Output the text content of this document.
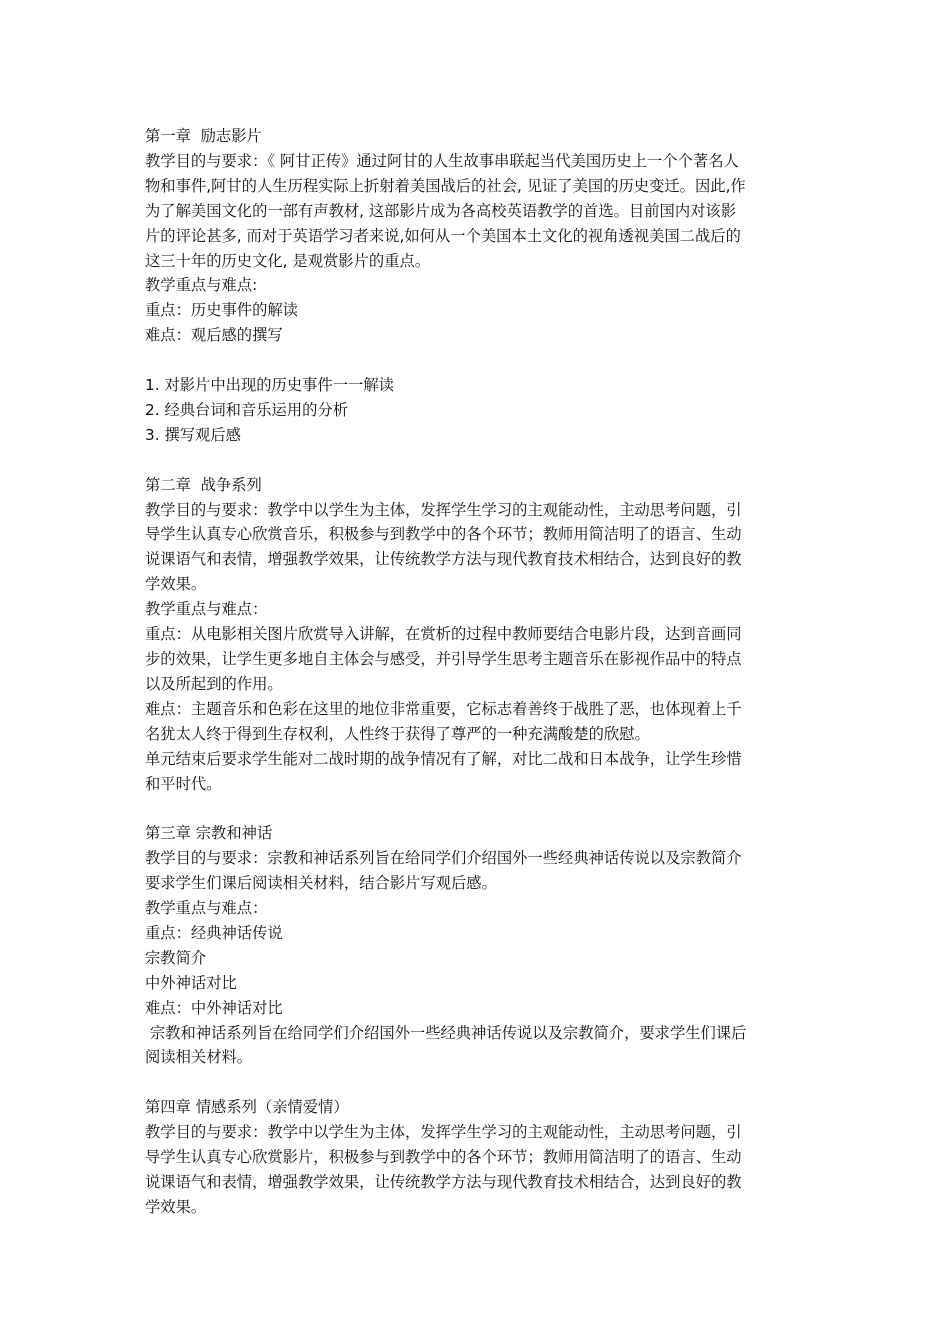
第一章  励志影片
教学目的与要求：《 阿甘正传》通过阿甘的人生故事串联起当代美国历史上一个个著名人
物和事件,阿甘的人生历程实际上折射着美国战后的社会, 见证了美国的历史变迁。因此,作
为了解美国文化的一部有声教材, 这部影片成为各高校英语教学的首选。目前国内对该影
片的评论甚多, 而对于英语学习者来说,如何从一个美国本土文化的视角透视美国二战后的
这三十年的历史文化, 是观赏影片的重点。
教学重点与难点:
重点：历史事件的解读
难点：观后感的撰写
1. 对影片中出现的历史事件一一解读
2. 经典台词和音乐运用的分析
3. 撰写观后感
第二章  战争系列
教学目的与要求：教学中以学生为主体，发挥学生学习的主观能动性，主动思考问题，引
导学生认真专心欣赏音乐，积极参与到教学中的各个环节；教师用简洁明了的语言、生动
说课语气和表情，增强教学效果，让传统教学方法与现代教育技术相结合，达到良好的教
学效果。
教学重点与难点：
重点：从电影相关图片欣赏导入讲解，在赏析的过程中教师要结合电影片段，达到音画同
步的效果，让学生更多地自主体会与感受，并引导学生思考主题音乐在影视作品中的特点
以及所起到的作用。
难点：主题音乐和色彩在这里的地位非常重要，它标志着善终于战胜了恶，也体现着上千
名犹太人终于得到生存权利，人性终于获得了尊严的一种充满酸楚的欣慰。
单元结束后要求学生能对二战时期的战争情况有了解，对比二战和日本战争，让学生珍惜
和平时代。
第三章 宗教和神话
教学目的与要求：宗教和神话系列旨在给同学们介绍国外一些经典神话传说以及宗教简介
要求学生们课后阅读相关材料，结合影片写观后感。
教学重点与难点：
重点：经典神话传说
宗教简介
中外神话对比
难点：中外神话对比
宗教和神话系列旨在给同学们介绍国外一些经典神话传说以及宗教简介，要求学生们课后
阅读相关材料。
第四章 情感系列（亲情爱情）
教学目的与要求：教学中以学生为主体，发挥学生学习的主观能动性，主动思考问题，引
导学生认真专心欣赏影片，积极参与到教学中的各个环节；教师用简洁明了的语言、生动
说课语气和表情，增强教学效果，让传统教学方法与现代教育技术相结合，达到良好的教
学效果。
